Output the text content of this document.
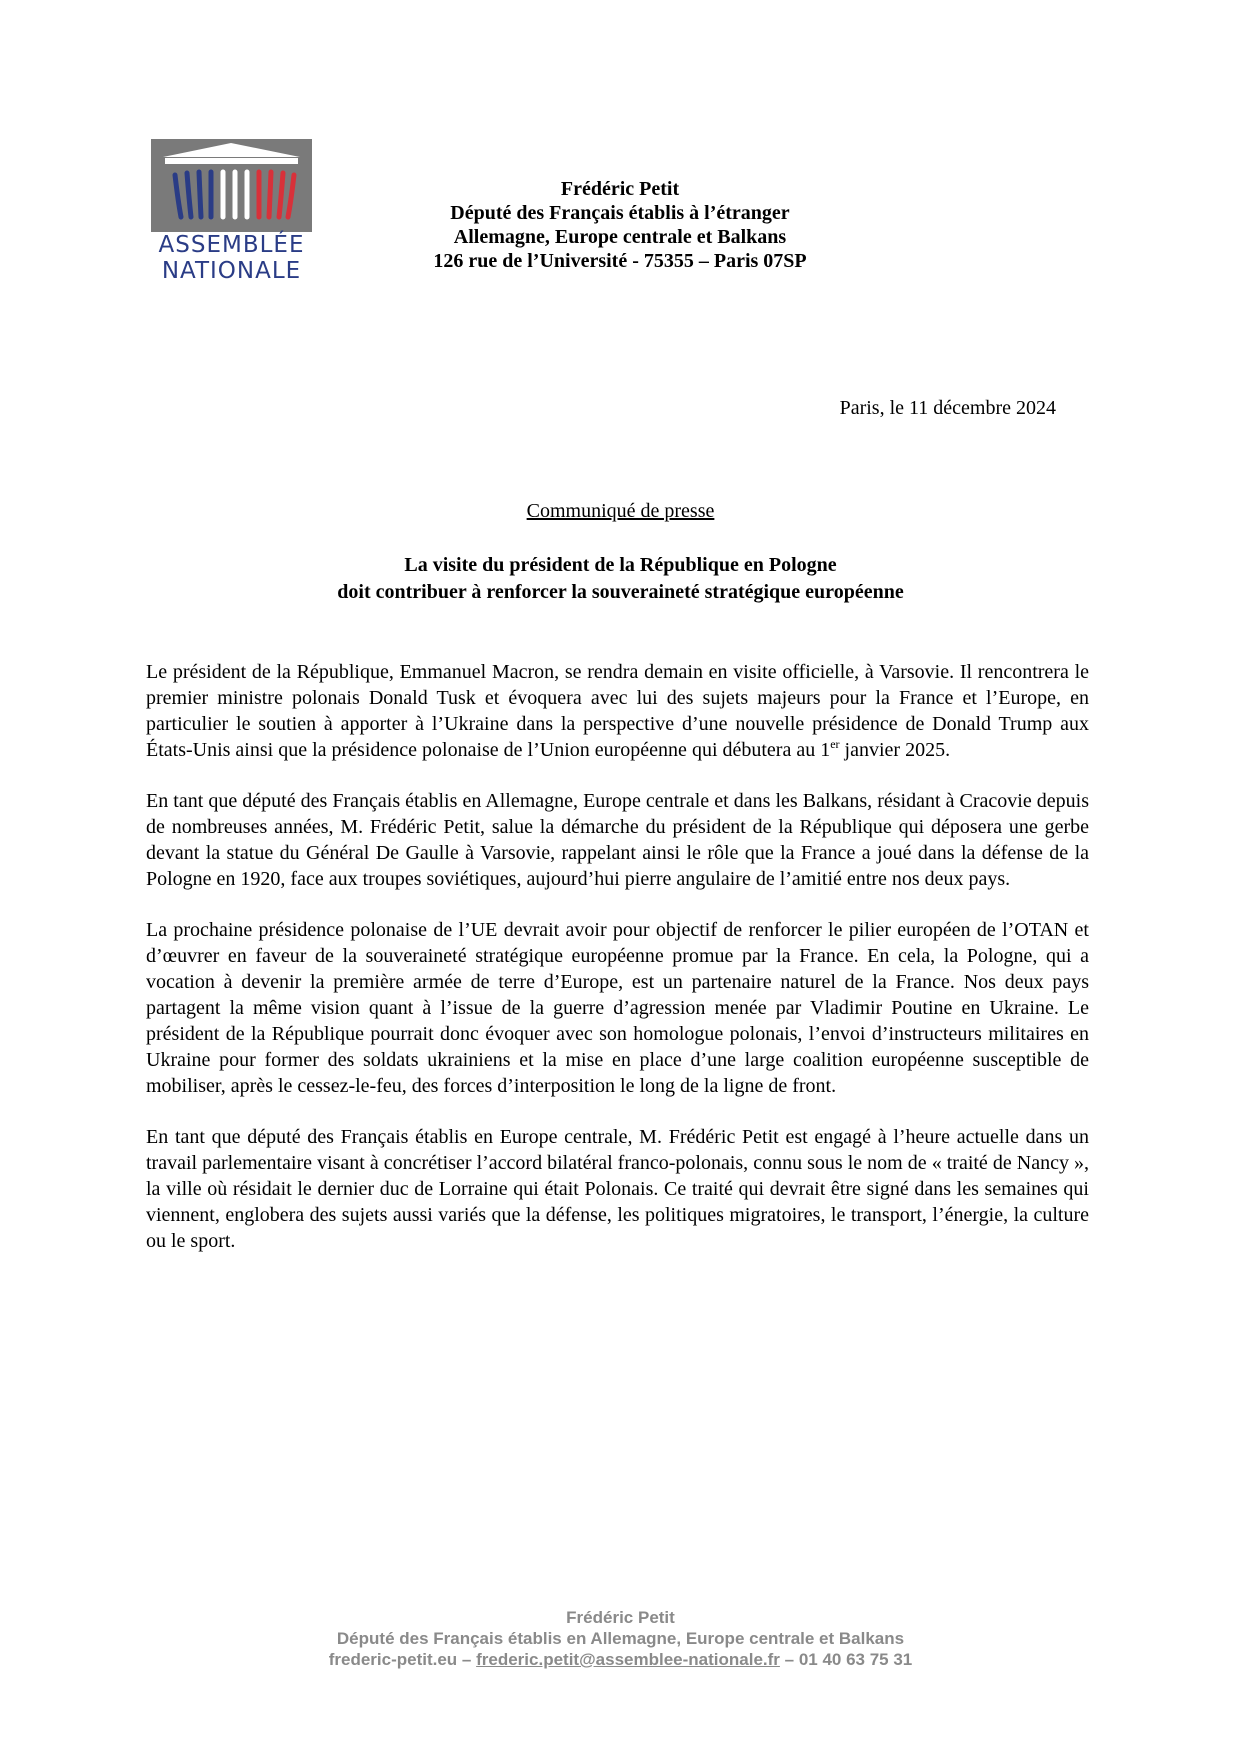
ASSEMBLÉE
NATIONALE
Frédéric Petit
Député des Français établis à l’étranger
Allemagne, Europe centrale et Balkans
126 rue de l’Université - 75355 – Paris 07SP
Paris, le 11 décembre 2024
Communiqué de presse
La visite du président de la République en Pologne
doit contribuer à renforcer la souveraineté stratégique européenne

Le président de la République, Emmanuel Macron, se rendra demain en visite officielle, à Varsovie. Il rencontrera le premier ministre polonais Donald Tusk et évoquera avec lui des sujets majeurs pour la France et l’Europe, en particulier le soutien à apporter à l’Ukraine dans la perspective d’une nouvelle présidence de Donald Trump aux États-Unis ainsi que la présidence polonaise de l’Union européenne qui débutera au 1er janvier 2025.

En tant que député des Français établis en Allemagne, Europe centrale et dans les Balkans, résidant à Cracovie depuis de nombreuses années, M. Frédéric Petit, salue la démarche du président de la République qui déposera une gerbe devant la statue du Général De Gaulle à Varsovie, rappelant ainsi le rôle que la France a joué dans la défense de la Pologne en 1920, face aux troupes soviétiques, aujourd’hui pierre angulaire de l’amitié entre nos deux pays.

La prochaine présidence polonaise de l’UE devrait avoir pour objectif de renforcer le pilier européen de l’OTAN et d’œuvrer en faveur de la souveraineté stratégique européenne promue par la France. En cela, la Pologne, qui a vocation à devenir la première armée de terre d’Europe, est un partenaire naturel de la France. Nos deux pays partagent la même vision quant à l’issue de la guerre d’agression menée par Vladimir Poutine en Ukraine. Le président de la République pourrait donc évoquer avec son homologue polonais, l’envoi d’instructeurs militaires en Ukraine pour former des soldats ukrainiens et la mise en place d’une large coalition européenne susceptible de mobiliser, après le cessez-le-feu, des forces d’interposition le long de la ligne de front.

En tant que député des Français établis en Europe centrale, M. Frédéric Petit est engagé à l’heure actuelle dans un travail parlementaire visant à concrétiser l’accord bilatéral franco-polonais, connu sous le nom de « traité de Nancy », la ville où résidait le dernier duc de Lorraine qui était Polonais. Ce traité qui devrait être signé dans les semaines qui viennent, englobera des sujets aussi variés que la défense, les politiques migratoires, le transport, l’énergie, la culture ou le sport.

Frédéric Petit
Député des Français établis en Allemagne, Europe centrale et Balkans
frederic-petit.eu – frederic.petit@assemblee-nationale.fr – 01 40 63 75 31
